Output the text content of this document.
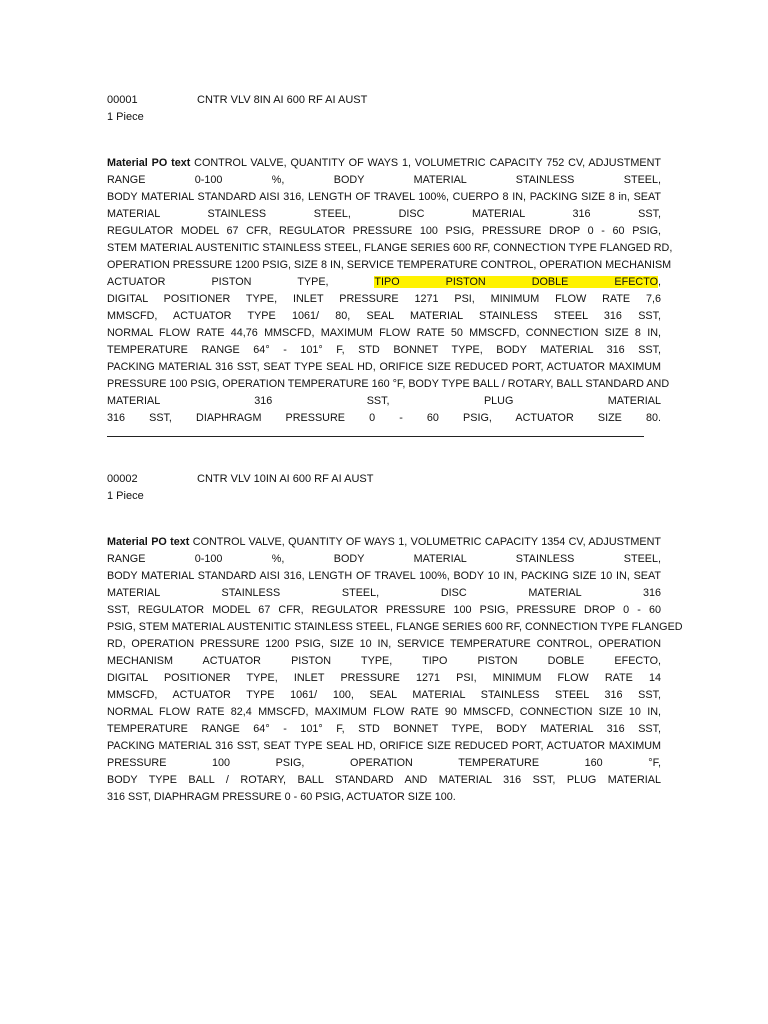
00001	CNTR VLV 8IN AI 600 RF AI AUST
1 Piece
Material PO text CONTROL VALVE, QUANTITY OF WAYS 1, VOLUMETRIC CAPACITY 752 CV, ADJUSTMENT
RANGE 0-100 %, BODY MATERIAL STAINLESS STEEL,
BODY MATERIAL STANDARD AISI 316, LENGTH OF TRAVEL 100%, CUERPO 8 IN, PACKING SIZE 8 in, SEAT
MATERIAL STAINLESS STEEL, DISC MATERIAL 316 SST,
REGULATOR MODEL 67 CFR, REGULATOR PRESSURE 100 PSIG, PRESSURE DROP 0 - 60 PSIG,
STEM MATERIAL AUSTENITIC STAINLESS STEEL, FLANGE SERIES 600 RF, CONNECTION TYPE FLANGED RD,
OPERATION PRESSURE 1200 PSIG, SIZE 8 IN, SERVICE TEMPERATURE CONTROL, OPERATION MECHANISM
ACTUATOR PISTON TYPE, TIPO PISTON DOBLE EFECTO,
DIGITAL POSITIONER TYPE, INLET PRESSURE 1271 PSI, MINIMUM FLOW RATE 7,6
MMSCFD, ACTUATOR TYPE 1061/ 80, SEAL MATERIAL STAINLESS STEEL 316 SST,
NORMAL FLOW RATE 44,76 MMSCFD, MAXIMUM FLOW RATE 50 MMSCFD, CONNECTION SIZE 8 IN,
TEMPERATURE RANGE 64° - 101° F, STD BONNET TYPE, BODY MATERIAL 316 SST,
PACKING MATERIAL 316 SST, SEAT TYPE SEAL HD, ORIFICE SIZE REDUCED PORT, ACTUATOR MAXIMUM
PRESSURE 100 PSIG, OPERATION TEMPERATURE 160 °F, BODY TYPE BALL / ROTARY, BALL STANDARD AND
MATERIAL 316 SST, PLUG MATERIAL
316 SST, DIAPHRAGM PRESSURE 0 - 60 PSIG, ACTUATOR SIZE 80.
00002	CNTR VLV 10IN AI 600 RF AI AUST
1 Piece
Material PO text CONTROL VALVE, QUANTITY OF WAYS 1, VOLUMETRIC CAPACITY 1354 CV, ADJUSTMENT
RANGE 0-100 %, BODY MATERIAL STAINLESS STEEL,
BODY MATERIAL STANDARD AISI 316, LENGTH OF TRAVEL 100%, BODY 10 IN, PACKING SIZE 10 IN, SEAT
MATERIAL STAINLESS STEEL, DISC MATERIAL 316
SST, REGULATOR MODEL 67 CFR, REGULATOR PRESSURE 100 PSIG, PRESSURE DROP 0 - 60
PSIG, STEM MATERIAL AUSTENITIC STAINLESS STEEL, FLANGE SERIES 600 RF, CONNECTION TYPE FLANGED
RD, OPERATION PRESSURE 1200 PSIG, SIZE 10 IN, SERVICE TEMPERATURE CONTROL, OPERATION
MECHANISM ACTUATOR PISTON TYPE, TIPO PISTON DOBLE EFECTO,
DIGITAL POSITIONER TYPE, INLET PRESSURE 1271 PSI, MINIMUM FLOW RATE 14
MMSCFD, ACTUATOR TYPE 1061/ 100, SEAL MATERIAL STAINLESS STEEL 316 SST,
NORMAL FLOW RATE 82,4 MMSCFD, MAXIMUM FLOW RATE 90 MMSCFD, CONNECTION SIZE 10 IN,
TEMPERATURE RANGE 64° - 101° F, STD BONNET TYPE, BODY MATERIAL 316 SST,
PACKING MATERIAL 316 SST, SEAT TYPE SEAL HD, ORIFICE SIZE REDUCED PORT, ACTUATOR MAXIMUM
PRESSURE 100 PSIG, OPERATION TEMPERATURE 160 °F,
BODY TYPE BALL / ROTARY, BALL STANDARD AND MATERIAL 316 SST, PLUG MATERIAL
316 SST, DIAPHRAGM PRESSURE 0 - 60 PSIG, ACTUATOR SIZE 100.
